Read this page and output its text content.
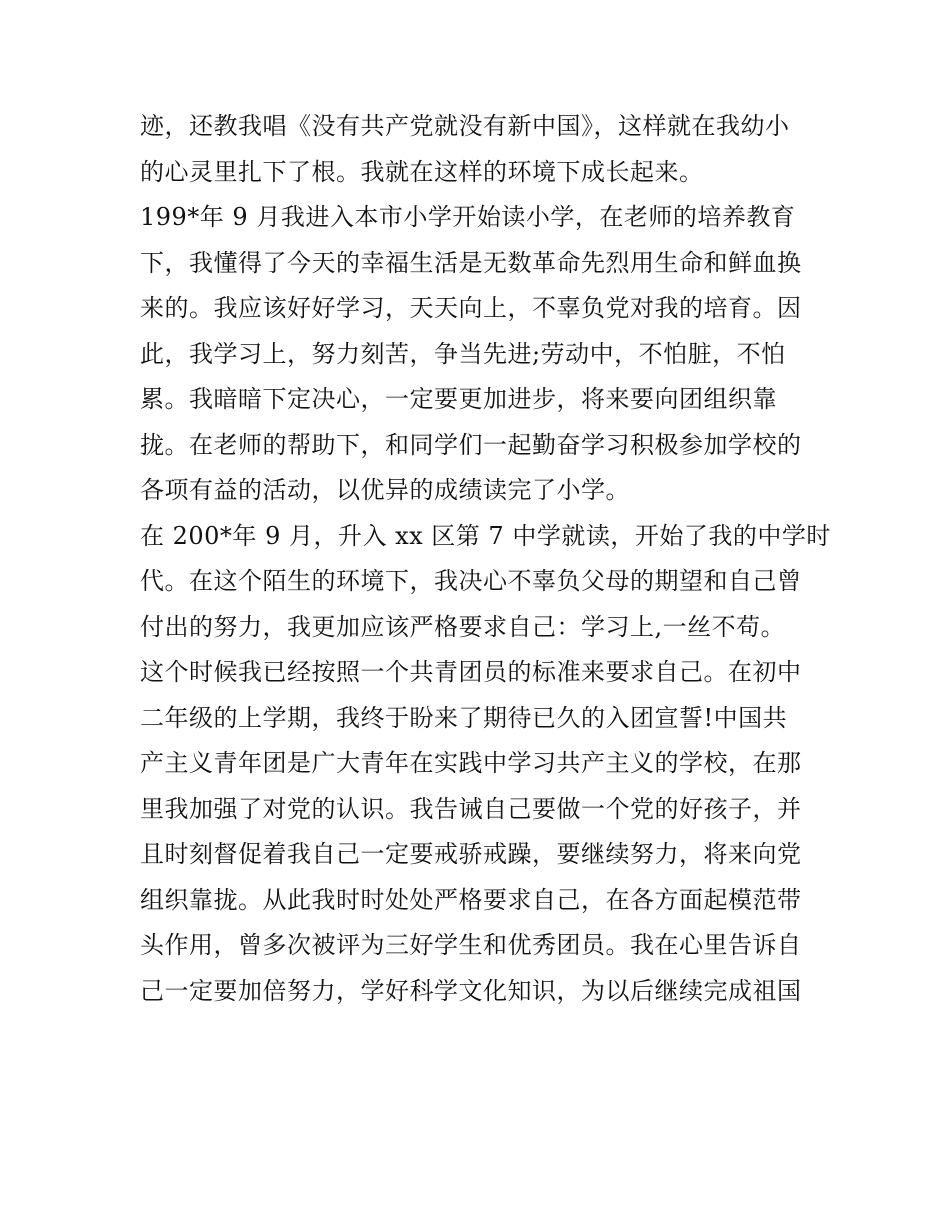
迹，还教我唱《没有共产党就没有新中国》，这样就在我幼小
的心灵里扎下了根。我就在这样的环境下成长起来。
199*年 9 月我进入本市小学开始读小学，在老师的培养教育
下，我懂得了今天的幸福生活是无数革命先烈用生命和鲜血换
来的。我应该好好学习，天天向上，不辜负党对我的培育。因
此，我学习上，努力刻苦，争当先进;劳动中，不怕脏，不怕
累。我暗暗下定决心，一定要更加进步，将来要向团组织靠
拢。在老师的帮助下，和同学们一起勤奋学习积极参加学校的
各项有益的活动，以优异的成绩读完了小学。
在 200*年 9 月，升入 xx 区第 7 中学就读，开始了我的中学时
代。在这个陌生的环境下，我决心不辜负父母的期望和自己曾
付出的努力，我更加应该严格要求自己：学习上,一丝不苟。
这个时候我已经按照一个共青团员的标准来要求自己。在初中
二年级的上学期，我终于盼来了期待已久的入团宣誓!中国共
产主义青年团是广大青年在实践中学习共产主义的学校，在那
里我加强了对党的认识。我告诫自己要做一个党的好孩子，并
且时刻督促着我自己一定要戒骄戒躁，要继续努力，将来向党
组织靠拢。从此我时时处处严格要求自己，在各方面起模范带
头作用，曾多次被评为三好学生和优秀团员。我在心里告诉自
己一定要加倍努力，学好科学文化知识，为以后继续完成祖国
